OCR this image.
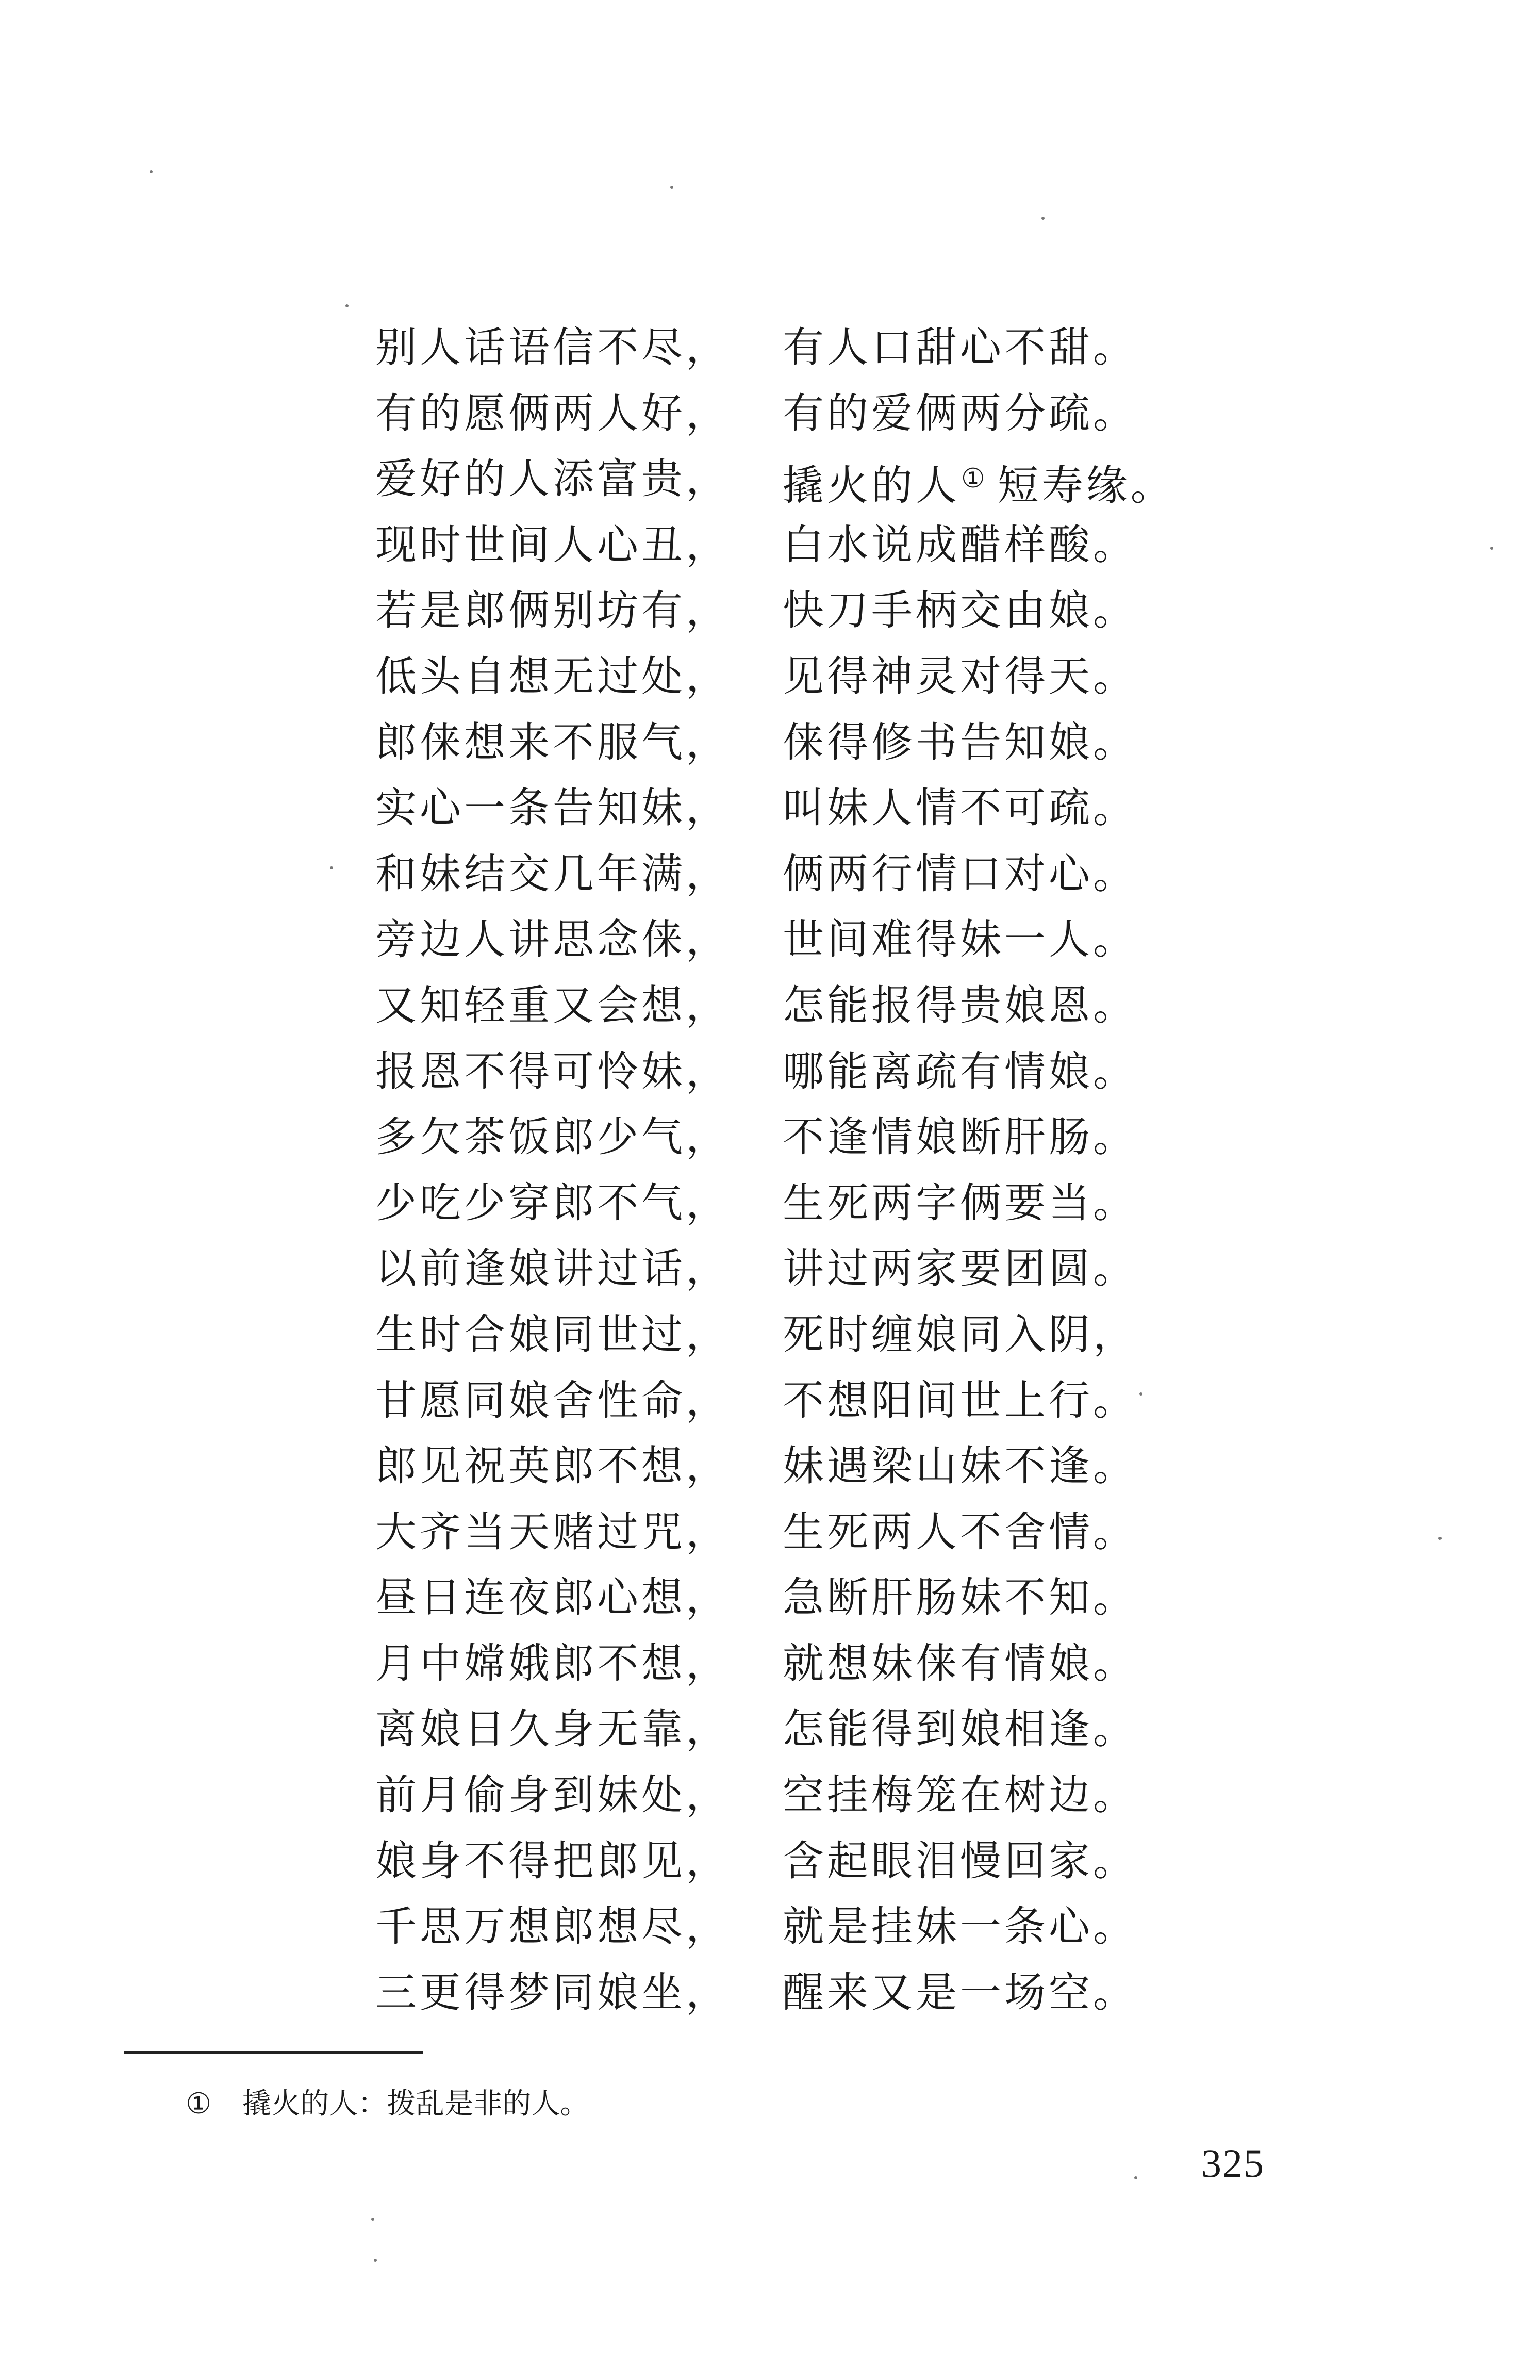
别人话语信不尽， 有人口甜心不甜。
有的愿俩两人好， 有的爱俩两分疏。
爱好的人添富贵， 撬火的人① 短寿缘。
现时世间人心丑， 白水说成醋样酸。
若是郎俩别坊有， 快刀手柄交由娘。
低头自想无过处， 见得神灵对得天。
郎俫想来不服气， 俫得修书告知娘。
实心一条告知妹， 叫妹人情不可疏。
和妹结交几年满， 俩两行情口对心。
旁边人讲思念俫， 世间难得妹一人。
又知轻重又会想， 怎能报得贵娘恩。
报恩不得可怜妹， 哪能离疏有情娘。
多欠茶饭郎少气， 不逢情娘断肝肠。
少吃少穿郎不气， 生死两字俩要当。
以前逢娘讲过话， 讲过两家要团圆。
生时合娘同世过， 死时缠娘同入阴，
甘愿同娘舍性命， 不想阳间世上行。
郎见祝英郎不想， 妹遇梁山妹不逢。
大齐当天赌过咒， 生死两人不舍情。
昼日连夜郎心想， 急断肝肠妹不知。
月中嫦娥郎不想， 就想妹俫有情娘。
离娘日久身无靠， 怎能得到娘相逢。
前月偷身到妹处， 空挂梅笼在树边。
娘身不得把郎见， 含起眼泪慢回家。
千思万想郎想尽， 就是挂妹一条心。
三更得梦同娘坐， 醒来又是一场空。
① 撬火的人：拨乱是非的人。
325
